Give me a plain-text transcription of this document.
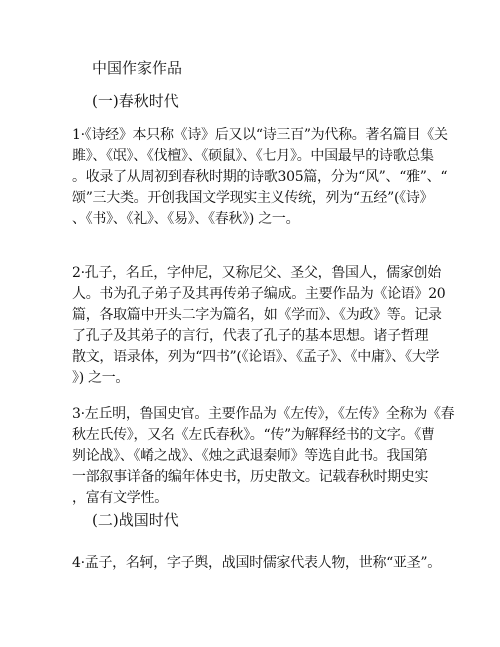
中国作家作品
(一)春秋时代
1·《诗经》本只称《诗》后又以“诗三百”为代称。著名篇目《关
雎》、《氓》、《伐檀》、《硕鼠》、《七月》。中国最早的诗歌总集
。收录了从周初到春秋时期的诗歌305篇，分为“风”、“雅”、“
颂”三大类。开创我国文学现实主义传统，列为“五经”(《诗》
、《书》、《礼》、《易》、《春秋》) 之一。
2·孔子，名丘，字仲尼，又称尼父、圣父，鲁国人，儒家创始
人。书为孔子弟子及其再传弟子编成。主要作品为《论语》20
篇，各取篇中开头二字为篇名，如《学而》、《为政》等。记录
了孔子及其弟子的言行，代表了孔子的基本思想。诸子哲理
散文，语录体，列为“四书”(《论语》、《孟子》、《中庸》、《大学
》) 之一。
3·左丘明，鲁国史官。主要作品为《左传》，《左传》全称为《春
秋左氏传》，又名《左氏春秋》。“传”为解释经书的文字。《曹
刿论战》、《崤之战》、《烛之武退秦师》等选自此书。我国第
一部叙事详备的编年体史书，历史散文。记载春秋时期史实
，富有文学性。
(二)战国时代
4·孟子，名轲，字子舆，战国时儒家代表人物，世称“亚圣”。
